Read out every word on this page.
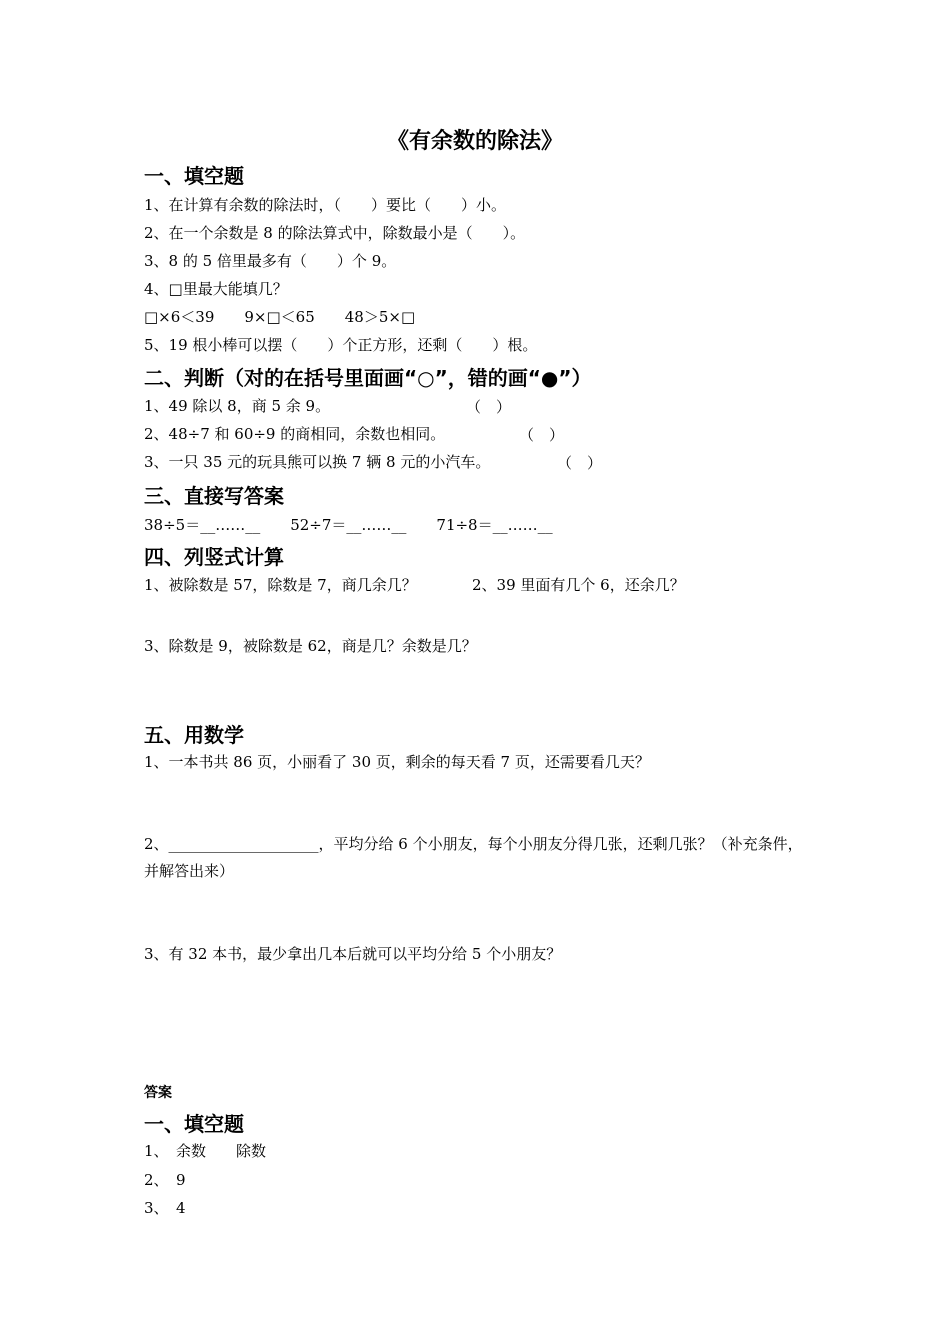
《有余数的除法》
一、填空题
1、在计算有余数的除法时，（　　）要比（　　）小。
2、在一个余数是 8 的除法算式中，除数最小是（　　）。
3、8 的 5 倍里最多有（　　）个 9。
4、□里最大能填几？
□×6＜39　　9×□＜65　　48＞5×□
5、19 根小棒可以摆（　　）个正方形，还剩（　　）根。
二、判断（对的在括号里面画“○”，错的画“●”）
1、49 除以 8，商 5 余 9。	（　）
2、48÷7 和 60÷9 的商相同，余数也相同。	（　）
3、一只 35 元的玩具熊可以换 7 辆 8 元的小汽车。	（　）
三、直接写答案
38÷5＝__……__　　52÷7＝__……__　　71÷8＝__……__
四、列竖式计算
1、被除数是 57，除数是 7，商几余几？	2、39 里面有几个 6，还余几？
3、除数是 9，被除数是 62，商是几？余数是几？
五、用数学
1、一本书共 86 页，小丽看了 30 页，剩余的每天看 7 页，还需要看几天？
2、____________________，平均分给 6 个小朋友，每个小朋友分得几张，还剩几张？（补充条件，并解答出来）
3、有 32 本书，最少拿出几本后就可以平均分给 5 个小朋友？
答案
一、填空题
1、　余数　　除数
2、　9
3、　4
